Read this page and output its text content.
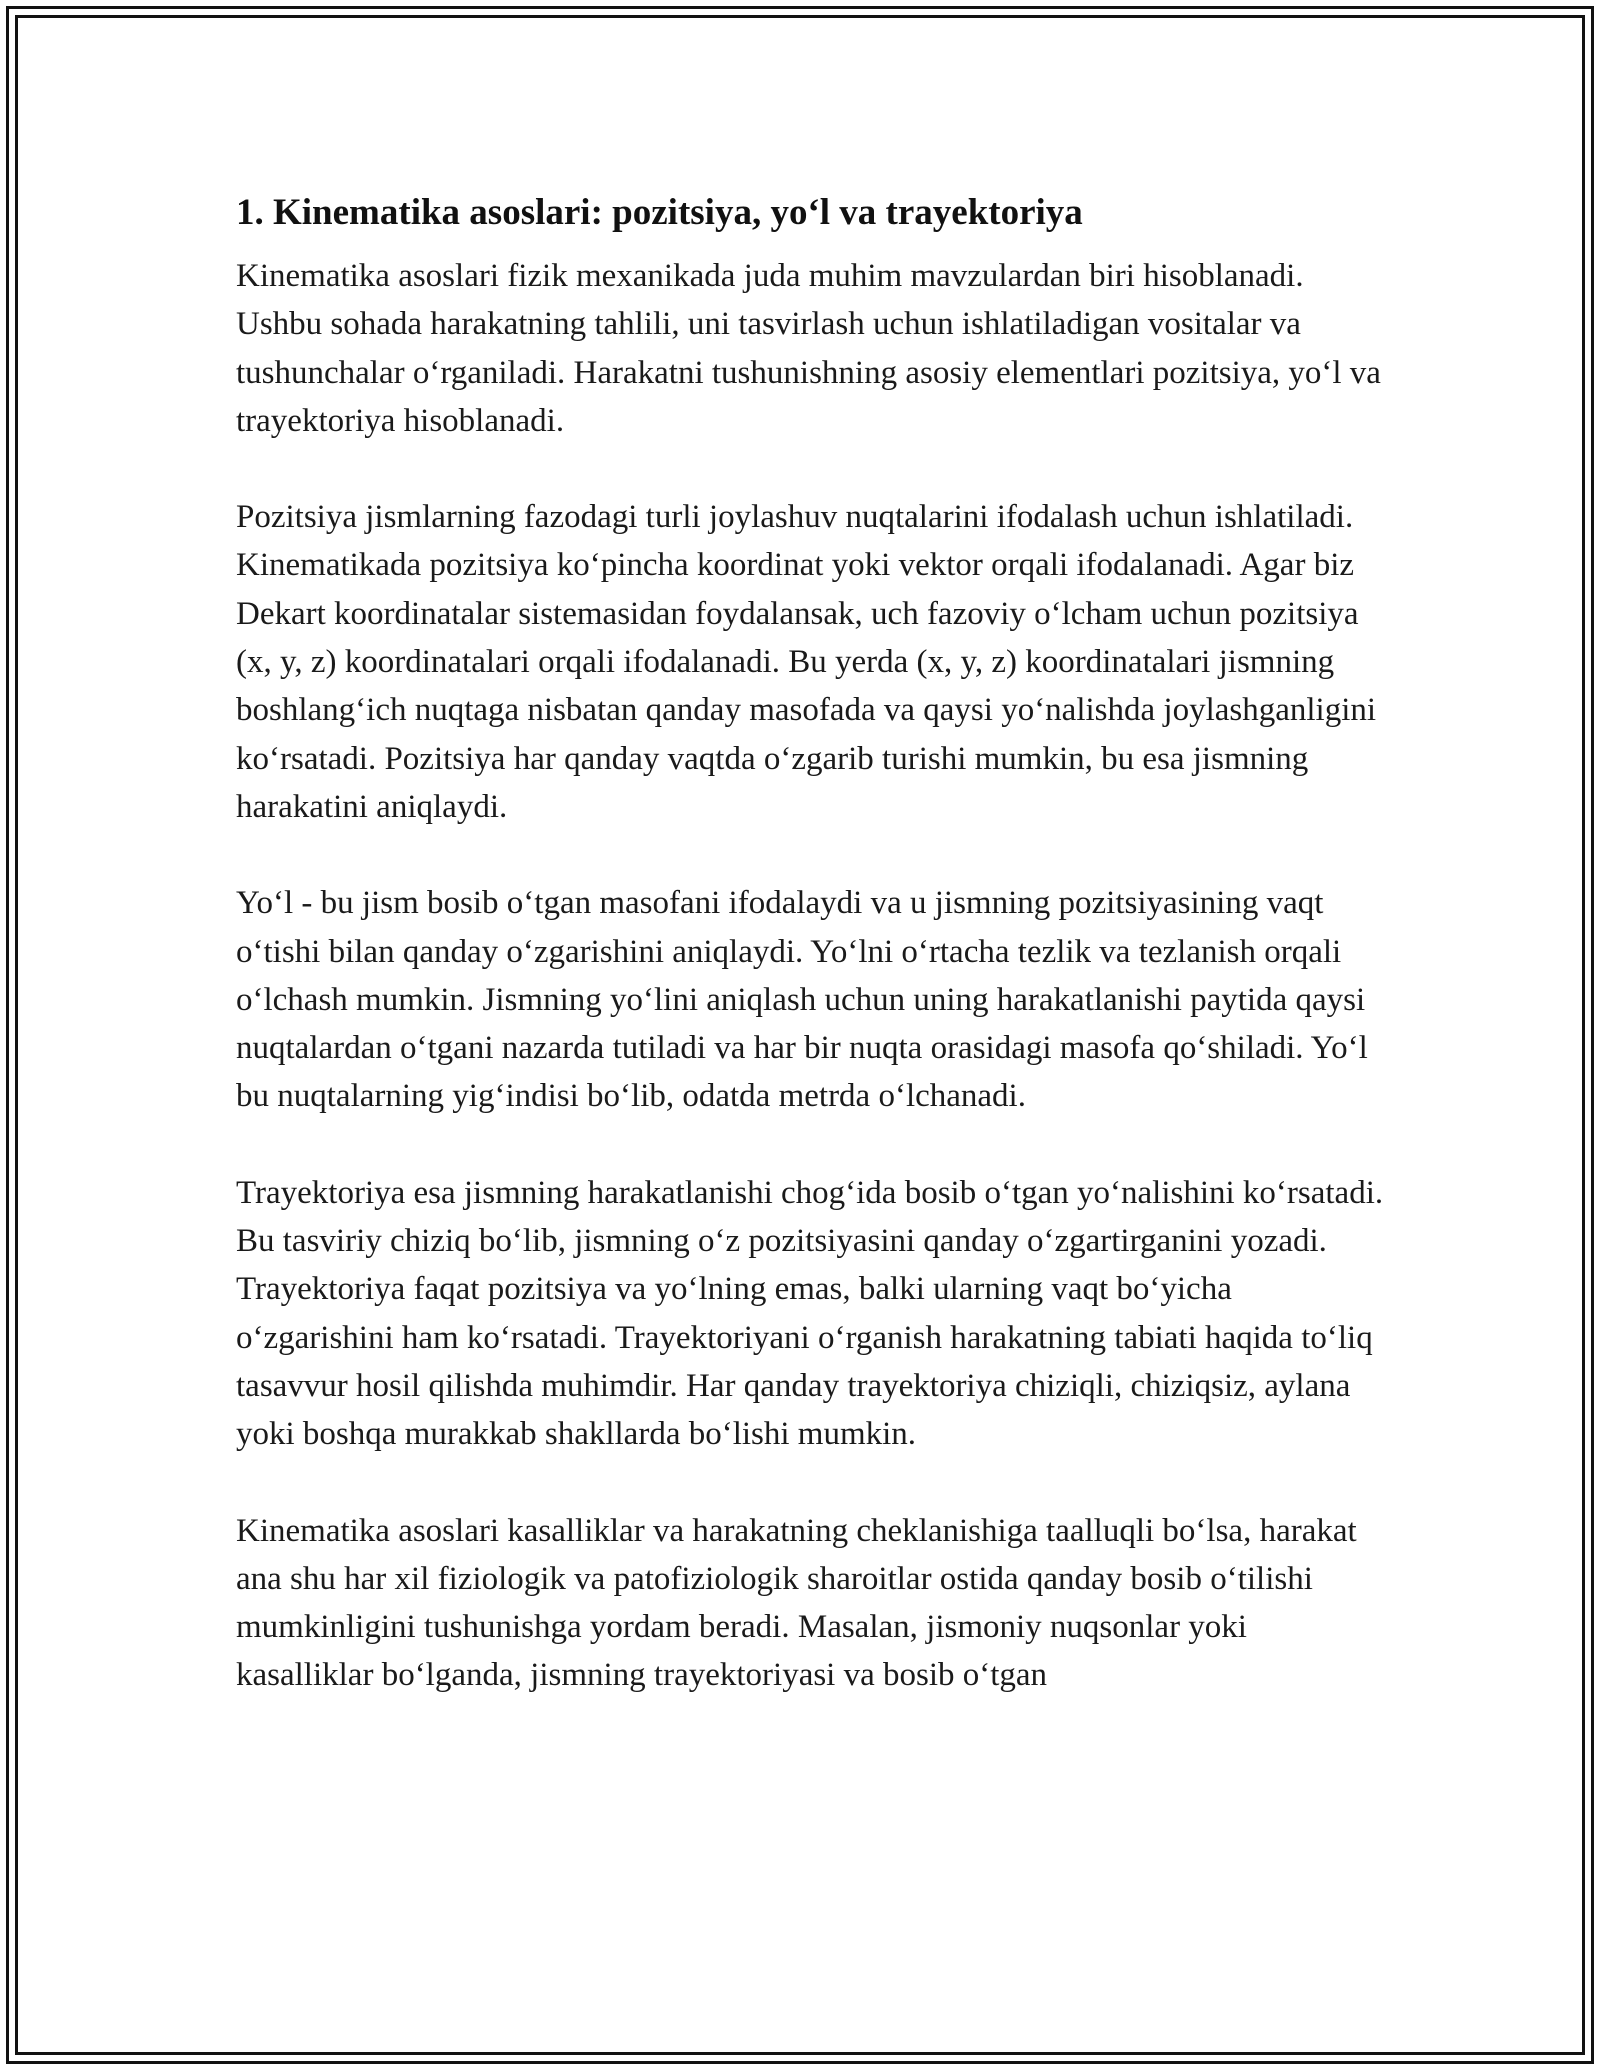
1. Kinematika asoslari: pozitsiya, yo‘l va trayektoriya

Kinematika asoslari fizik mexanikada juda muhim mavzulardan biri hisoblanadi. Ushbu sohada harakatning tahlili, uni tasvirlash uchun ishlatiladigan vositalar va tushunchalar o‘rganiladi. Harakatni tushunishning asosiy elementlari pozitsiya, yo‘l va trayektoriya hisoblanadi.

Pozitsiya jismlarning fazodagi turli joylashuv nuqtalarini ifodalash uchun ishlatiladi. Kinematikada pozitsiya ko‘pincha koordinat yoki vektor orqali ifodalanadi. Agar biz Dekart koordinatalar sistemasidan foydalansak, uch fazoviy o‘lcham uchun pozitsiya (x, y, z) koordinatalari orqali ifodalanadi. Bu yerda (x, y, z) koordinatalari jismning boshlang‘ich nuqtaga nisbatan qanday masofada va qaysi yo‘nalishda joylashganligini ko‘rsatadi. Pozitsiya har qanday vaqtda o‘zgarib turishi mumkin, bu esa jismning harakatini aniqlaydi.

Yo‘l - bu jism bosib o‘tgan masofani ifodalaydi va u jismning pozitsiyasining vaqt o‘tishi bilan qanday o‘zgarishini aniqlaydi. Yo‘lni o‘rtacha tezlik va tezlanish orqali o‘lchash mumkin. Jismning yo‘lini aniqlash uchun uning harakatlanishi paytida qaysi nuqtalardan o‘tgani nazarda tutiladi va har bir nuqta orasidagi masofa qo‘shiladi. Yo‘l bu nuqtalarning yig‘indisi bo‘lib, odatda metrda o‘lchanadi.

Trayektoriya esa jismning harakatlanishi chog‘ida bosib o‘tgan yo‘nalishini ko‘rsatadi. Bu tasviriy chiziq bo‘lib, jismning o‘z pozitsiyasini qanday o‘zgartirganini yozadi. Trayektoriya faqat pozitsiya va yo‘lning emas, balki ularning vaqt bo‘yicha o‘zgarishini ham ko‘rsatadi. Trayektoriyani o‘rganish harakatning tabiati haqida to‘liq tasavvur hosil qilishda muhimdir. Har qanday trayektoriya chiziqli, chiziqsiz, aylana yoki boshqa murakkab shakllarda bo‘lishi mumkin.

Kinematika asoslari kasalliklar va harakatning cheklanishiga taalluqli bo‘lsa, harakat ana shu har xil fiziologik va patofiziologik sharoitlar ostida qanday bosib o‘tilishi mumkinligini tushunishga yordam beradi. Masalan, jismoniy nuqsonlar yoki kasalliklar bo‘lganda, jismning trayektoriyasi va bosib o‘tgan
